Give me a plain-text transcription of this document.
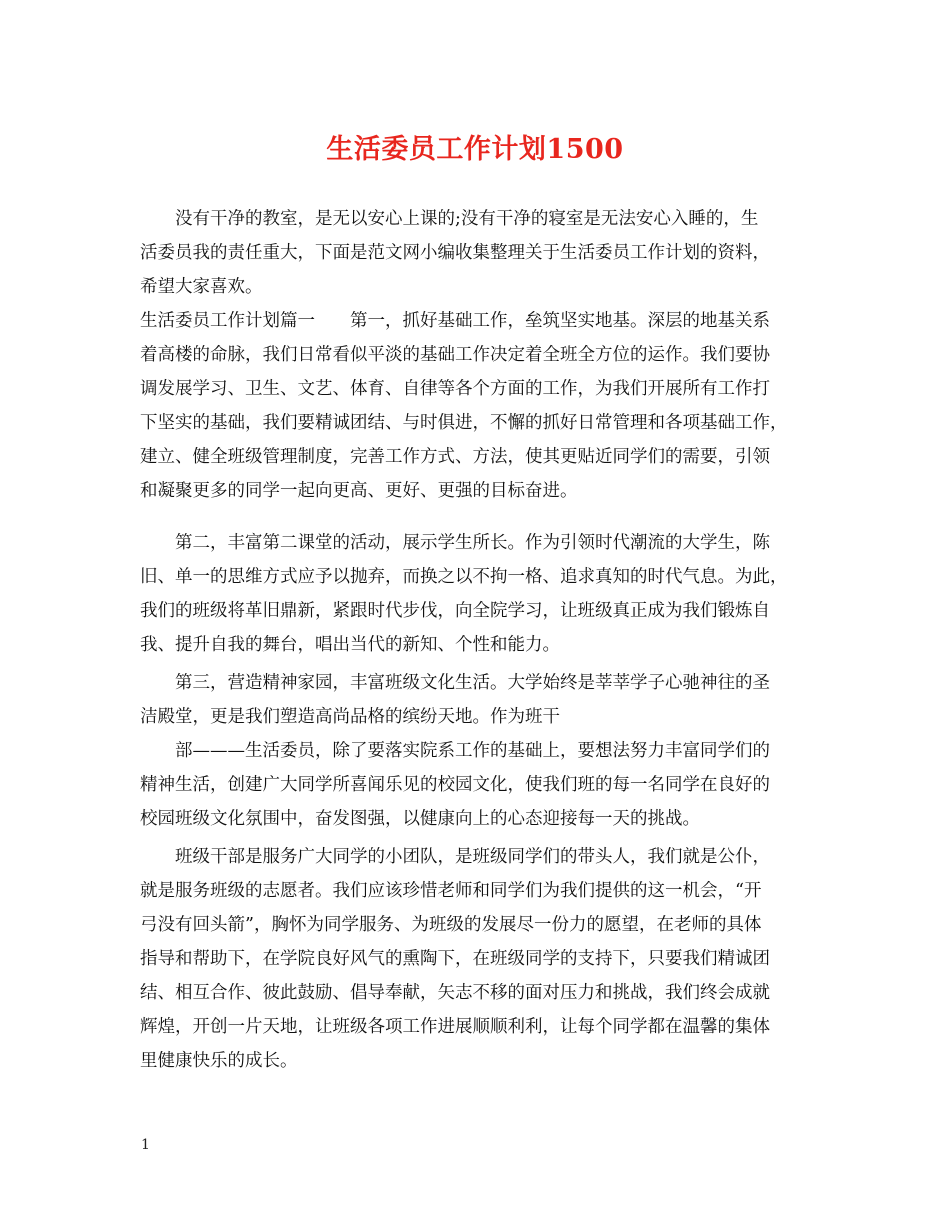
生活委员工作计划1500
没有干净的教室，是无以安心上课的;没有干净的寝室是无法安心入睡的，生
活委员我的责任重大，下面是范文网小编收集整理关于生活委员工作计划的资料，
希望大家喜欢。
生活委员工作计划篇一　　第一，抓好基础工作，垒筑坚实地基。深层的地基关系
着高楼的命脉，我们日常看似平淡的基础工作决定着全班全方位的运作。我们要协
调发展学习、卫生、文艺、体育、自律等各个方面的工作，为我们开展所有工作打
下坚实的基础，我们要精诚团结、与时俱进，不懈的抓好日常管理和各项基础工作，
建立、健全班级管理制度，完善工作方式、方法，使其更贴近同学们的需要，引领
和凝聚更多的同学一起向更高、更好、更强的目标奋进。
第二，丰富第二课堂的活动，展示学生所长。作为引领时代潮流的大学生，陈
旧、单一的思维方式应予以抛弃，而换之以不拘一格、追求真知的时代气息。为此，
我们的班级将革旧鼎新，紧跟时代步伐，向全院学习，让班级真正成为我们锻炼自
我、提升自我的舞台，唱出当代的新知、个性和能力。
第三，营造精神家园，丰富班级文化生活。大学始终是莘莘学子心驰神往的圣
洁殿堂，更是我们塑造高尚品格的缤纷天地。作为班干
部———生活委员，除了要落实院系工作的基础上，要想法努力丰富同学们的
精神生活，创建广大同学所喜闻乐见的校园文化，使我们班的每一名同学在良好的
校园班级文化氛围中，奋发图强，以健康向上的心态迎接每一天的挑战。
班级干部是服务广大同学的小团队，是班级同学们的带头人，我们就是公仆，
就是服务班级的志愿者。我们应该珍惜老师和同学们为我们提供的这一机会，“开
弓没有回头箭”，胸怀为同学服务、为班级的发展尽一份力的愿望，在老师的具体
指导和帮助下，在学院良好风气的熏陶下，在班级同学的支持下，只要我们精诚团
结、相互合作、彼此鼓励、倡导奉献，矢志不移的面对压力和挑战，我们终会成就
辉煌，开创一片天地，让班级各项工作进展顺顺利利，让每个同学都在温馨的集体
里健康快乐的成长。
1
